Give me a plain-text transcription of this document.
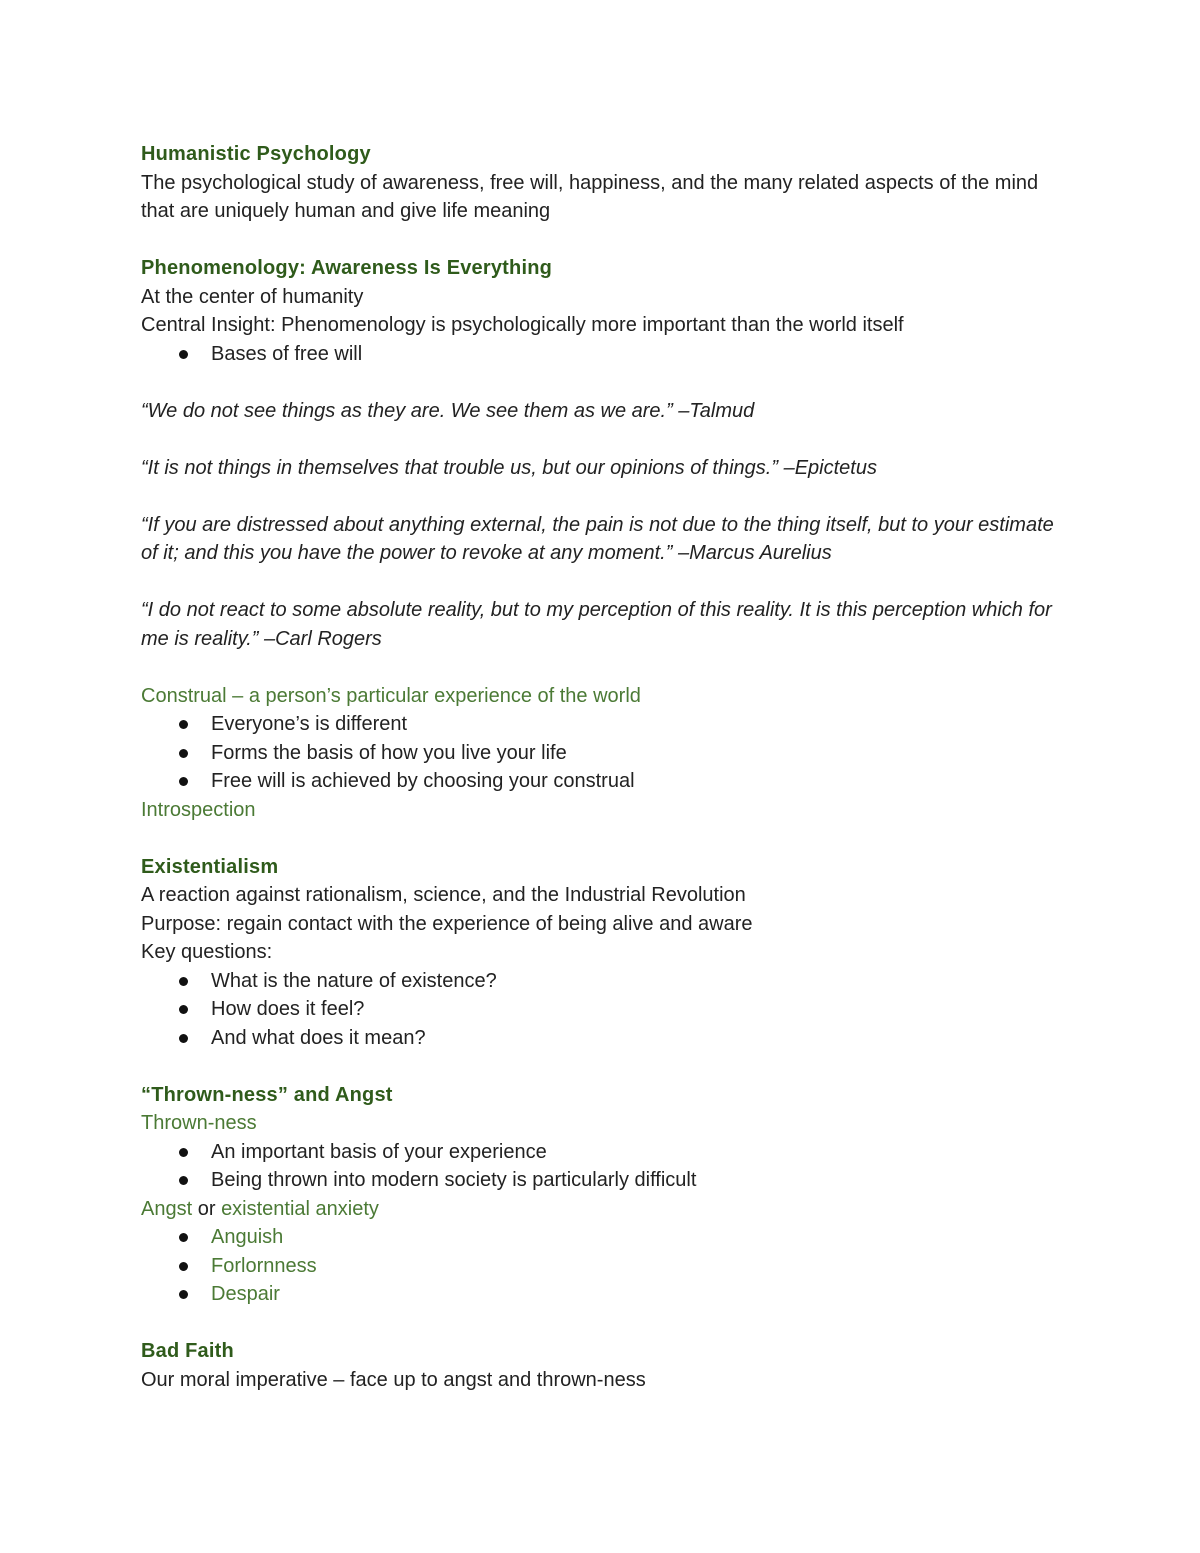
Humanistic Psychology
The psychological study of awareness, free will, happiness, and the many related aspects of the mind that are uniquely human and give life meaning
Phenomenology: Awareness Is Everything
At the center of humanity
Central Insight: Phenomenology is psychologically more important than the world itself
Bases of free will
“We do not see things as they are. We see them as we are.” –Talmud
“It is not things in themselves that trouble us, but our opinions of things.” –Epictetus
“If you are distressed about anything external, the pain is not due to the thing itself, but to your estimate of it; and this you have the power to revoke at any moment.” –Marcus Aurelius
“I do not react to some absolute reality, but to my perception of this reality. It is this perception which for me is reality.” –Carl Rogers
Construal – a person’s particular experience of the world
Everyone’s is different
Forms the basis of how you live your life
Free will is achieved by choosing your construal
Introspection
Existentialism
A reaction against rationalism, science, and the Industrial Revolution
Purpose: regain contact with the experience of being alive and aware
Key questions:
What is the nature of existence?
How does it feel?
And what does it mean?
“Thrown-ness” and Angst
Thrown-ness
An important basis of your experience
Being thrown into modern society is particularly difficult
Angst or existential anxiety
Anguish
Forlornness
Despair
Bad Faith
Our moral imperative – face up to angst and thrown-ness
